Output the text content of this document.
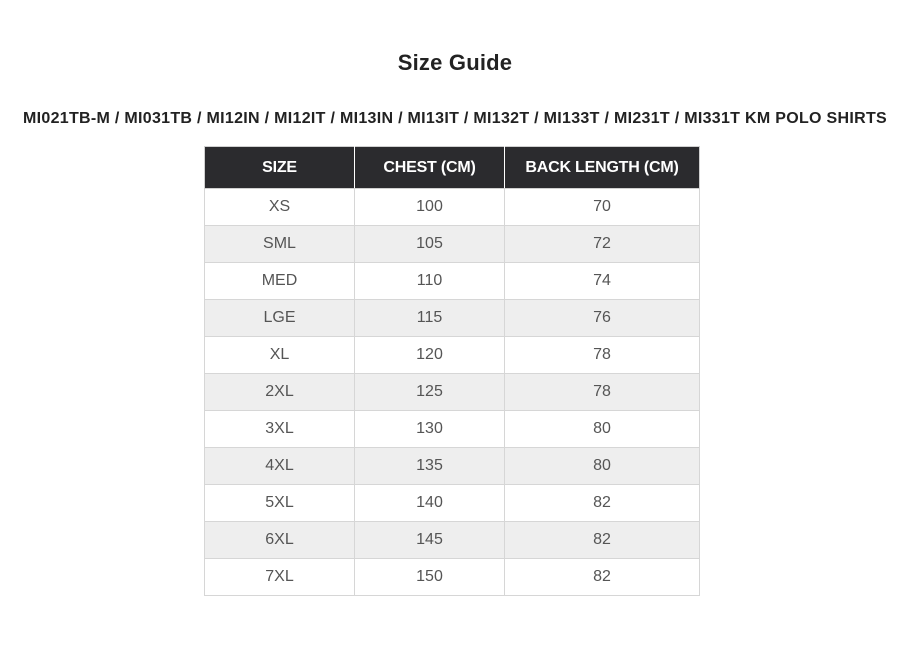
Size Guide
MI021TB-M / MI031TB / MI12IN / MI12IT / MI13IN / MI13IT / MI132T / MI133T / MI231T / MI331T KM POLO SHIRTS
SIZE	CHEST (CM)	BACK LENGTH (CM)
XS	100	70
SML	105	72
MED	110	74
LGE	115	76
XL	120	78
2XL	125	78
3XL	130	80
4XL	135	80
5XL	140	82
6XL	145	82
7XL	150	82
